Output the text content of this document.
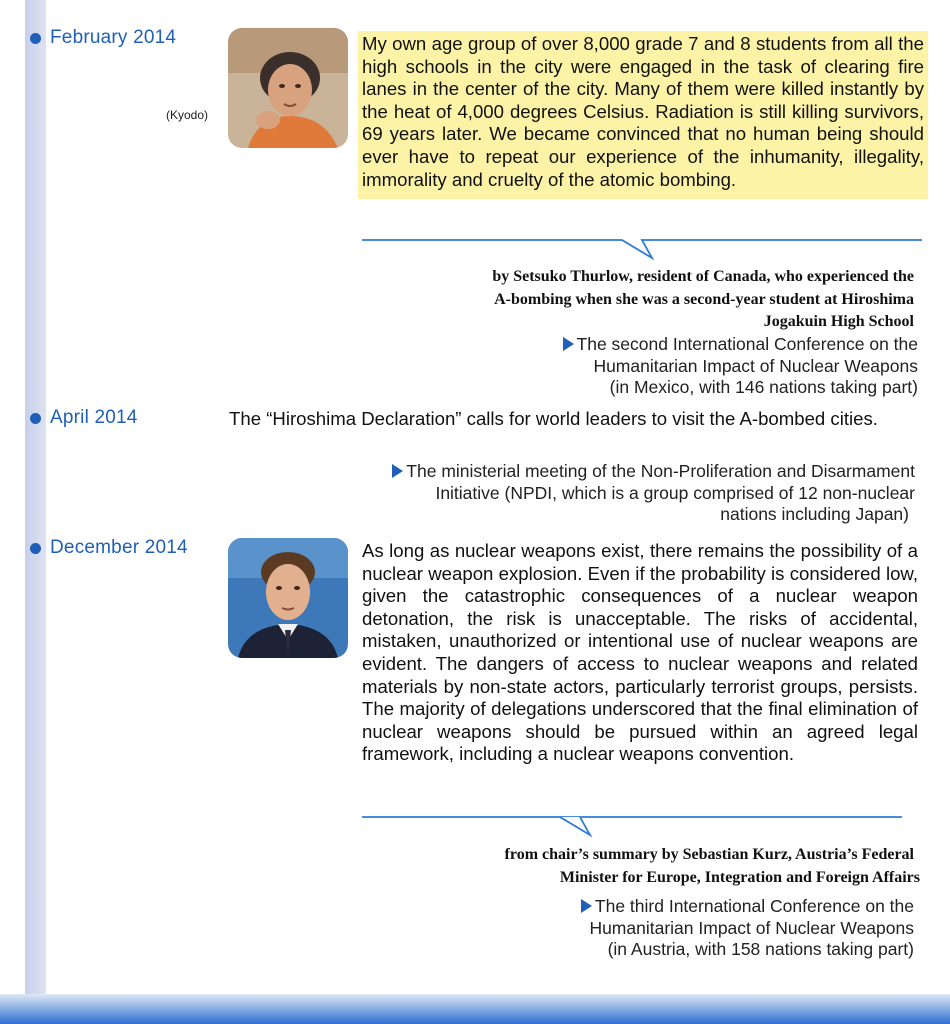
February 2014
(Kyodo)
My own age group of over 8,000 grade 7 and 8 students from all the high schools in the city were engaged in the task of clearing fire lanes in the center of the city. Many of them were killed instantly by the heat of 4,000 degrees Celsius. Radiation is still killing survivors, 69 years later. We became convinced that no human being should ever have to repeat our experience of the inhumanity, illegality, immorality and cruelty of the atomic bombing.
by Setsuko Thurlow, resident of Canada, who experienced the
A-bombing when she was a second-year student at Hiroshima
Jogakuin High School
The second International Conference on the
Humanitarian Impact of Nuclear Weapons
(in Mexico, with 146 nations taking part)
April 2014	The “Hiroshima Declaration” calls for world leaders to visit the A-bombed cities.
The ministerial meeting of the Non-Proliferation and Disarmament
Initiative (NPDI, which is a group comprised of 12 non-nuclear
nations including Japan)
December 2014	As long as nuclear weapons exist, there remains the possibility of a nuclear weapon explosion. Even if the probability is considered low, given the catastrophic consequences of a nuclear weapon detonation, the risk is unacceptable. The risks of accidental, mistaken, unauthorized or intentional use of nuclear weapons are evident. The dangers of access to nuclear weapons and related materials by non-state actors, particularly terrorist groups, persists. The majority of delegations underscored that the final elimination of nuclear weapons should be pursued within an agreed legal framework, including a nuclear weapons convention.
from chair’s summary by Sebastian Kurz, Austria’s Federal
Minister for Europe, Integration and Foreign Affairs
The third International Conference on the
Humanitarian Impact of Nuclear Weapons
(in Austria, with 158 nations taking part)
